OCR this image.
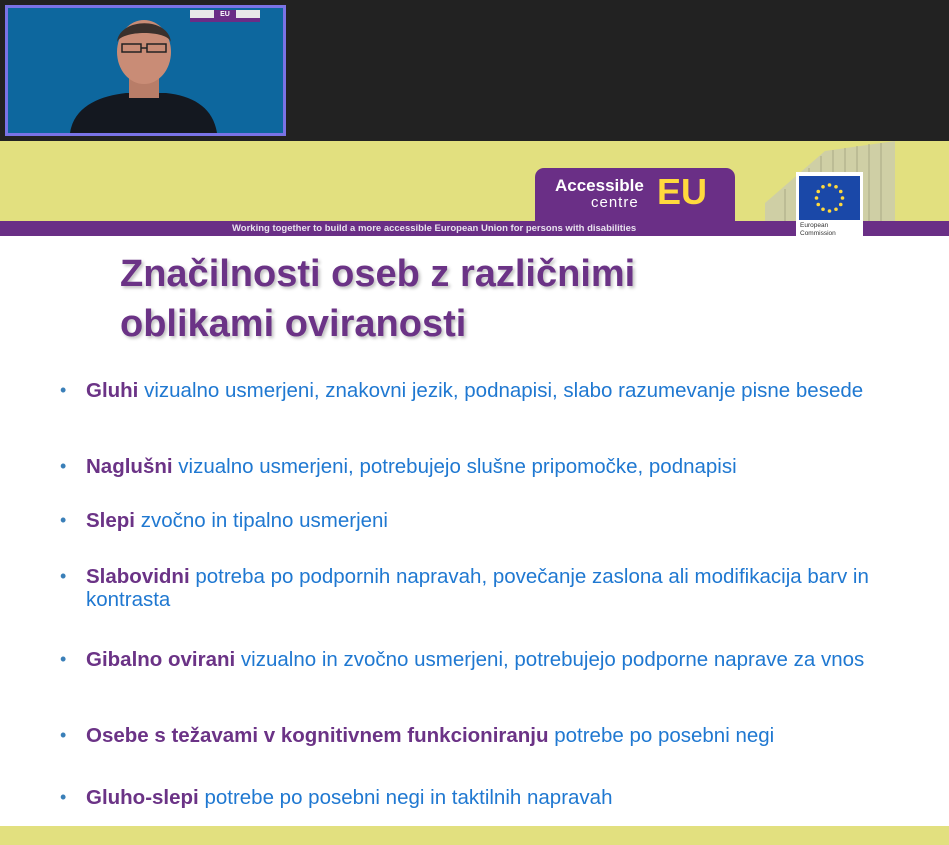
EU
Accessible
centre EU
Working together to build a more accessible European Union for persons with disabilities	European
Commission
Značilnosti oseb z različnimi
oblikami oviranosti
• Gluhi vizualno usmerjeni, znakovni jezik, podnapisi, slabo razumevanje pisne besede
• Naglušni vizualno usmerjeni, potrebujejo slušne pripomočke, podnapisi
• Slepi zvočno in tipalno usmerjeni
• Slabovidni potreba po podpornih napravah, povečanje zaslona ali modifikacija barv in kontrasta
• Gibalno ovirani vizualno in zvočno usmerjeni, potrebujejo podporne naprave za vnos
• Osebe s težavami v kognitivnem funkcioniranju potrebe po posebni negi
• Gluho-slepi potrebe po posebni negi in taktilnih napravah
